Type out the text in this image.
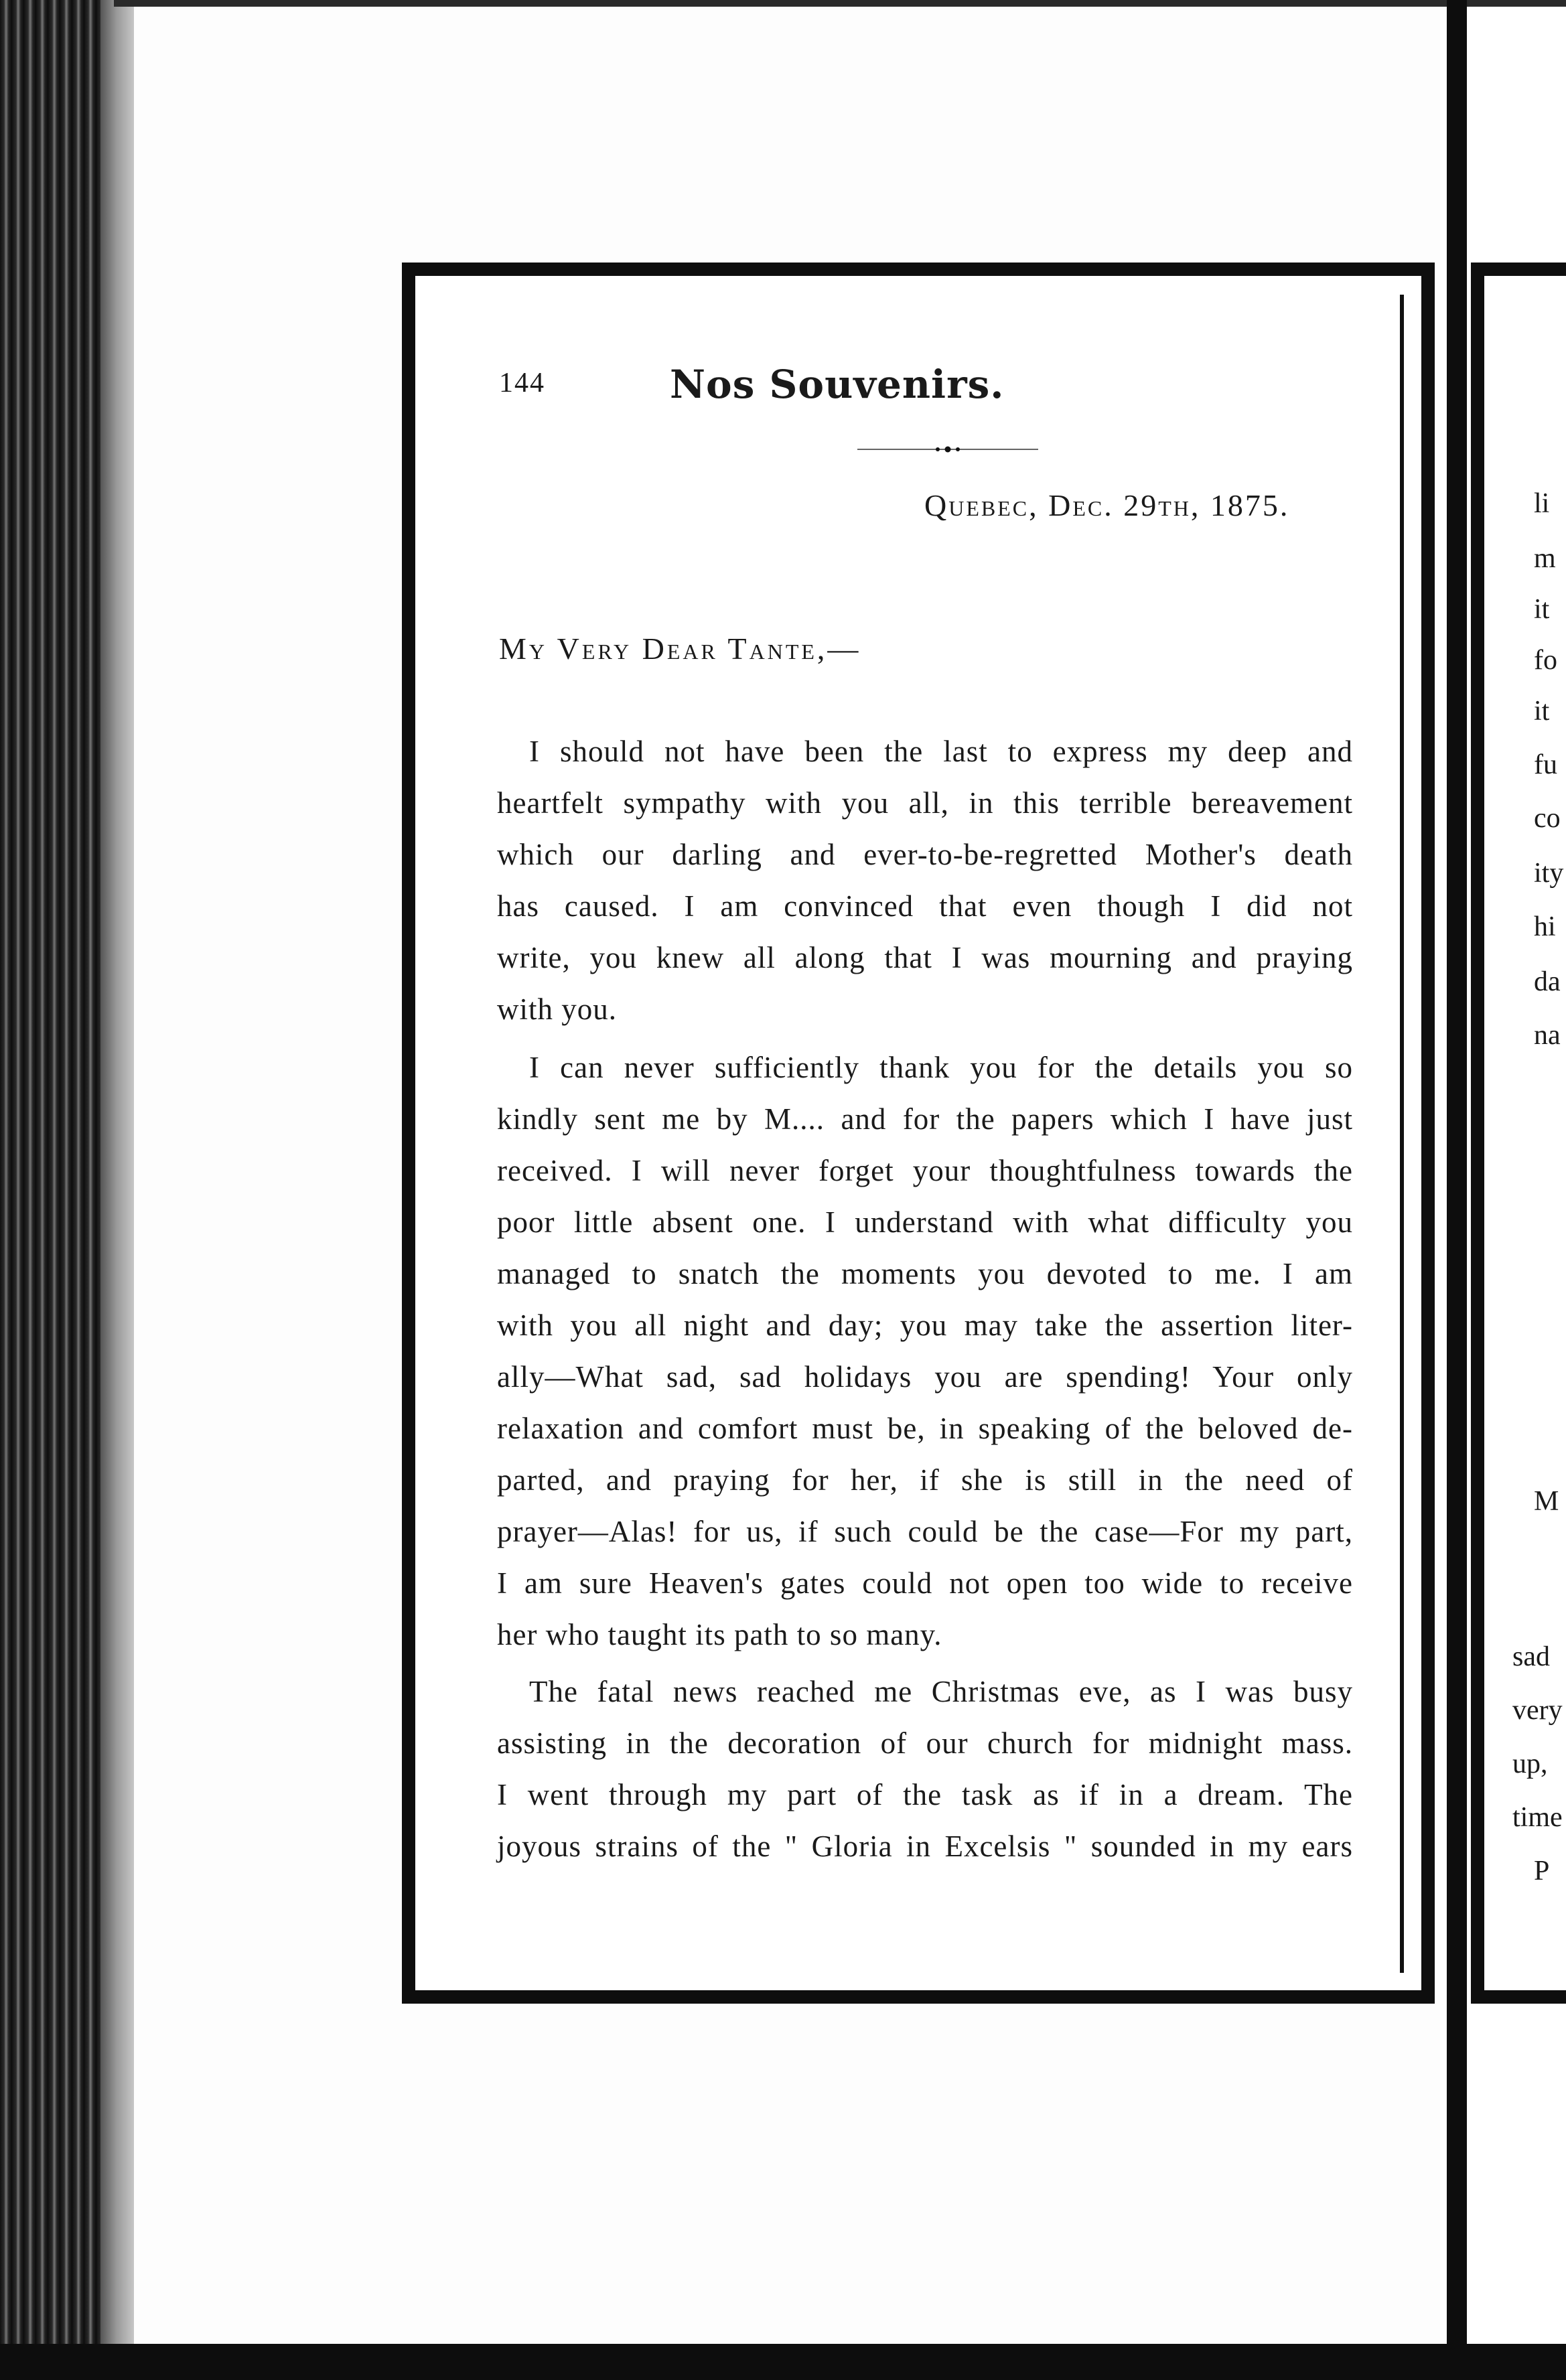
144	Nos Souvenirs.
Quebec, Dec. 29th, 1875.
My Very Dear Tante,—
I should not have been the last to express my deep and
heartfelt sympathy with you all, in this terrible bereavement
which our darling and ever-to-be-regretted Mother's death
has caused. I am convinced that even though I did not
write, you knew all along that I was mourning and praying
with you.
I can never sufficiently thank you for the details you so
kindly sent me by M.... and for the papers which I have just
received. I will never forget your thoughtfulness towards the
poor little absent one. I understand with what difficulty you
managed to snatch the moments you devoted to me. I am
with you all night and day; you may take the assertion liter-
ally—What sad, sad holidays you are spending! Your only
relaxation and comfort must be, in speaking of the beloved de-
parted, and praying for her, if she is still in the need of
prayer—Alas! for us, if such could be the case—For my part,
I am sure Heaven's gates could not open too wide to receive
her who taught its path to so many.
The fatal news reached me Christmas eve, as I was busy
assisting in the decoration of our church for midnight mass.
I went through my part of the task as if in a dream. The
joyous strains of the " Gloria in Excelsis " sounded in my ears
li
m
it
fo
it
fu
co
ity
hi
da
na
M
sad
very
up,
time
P
